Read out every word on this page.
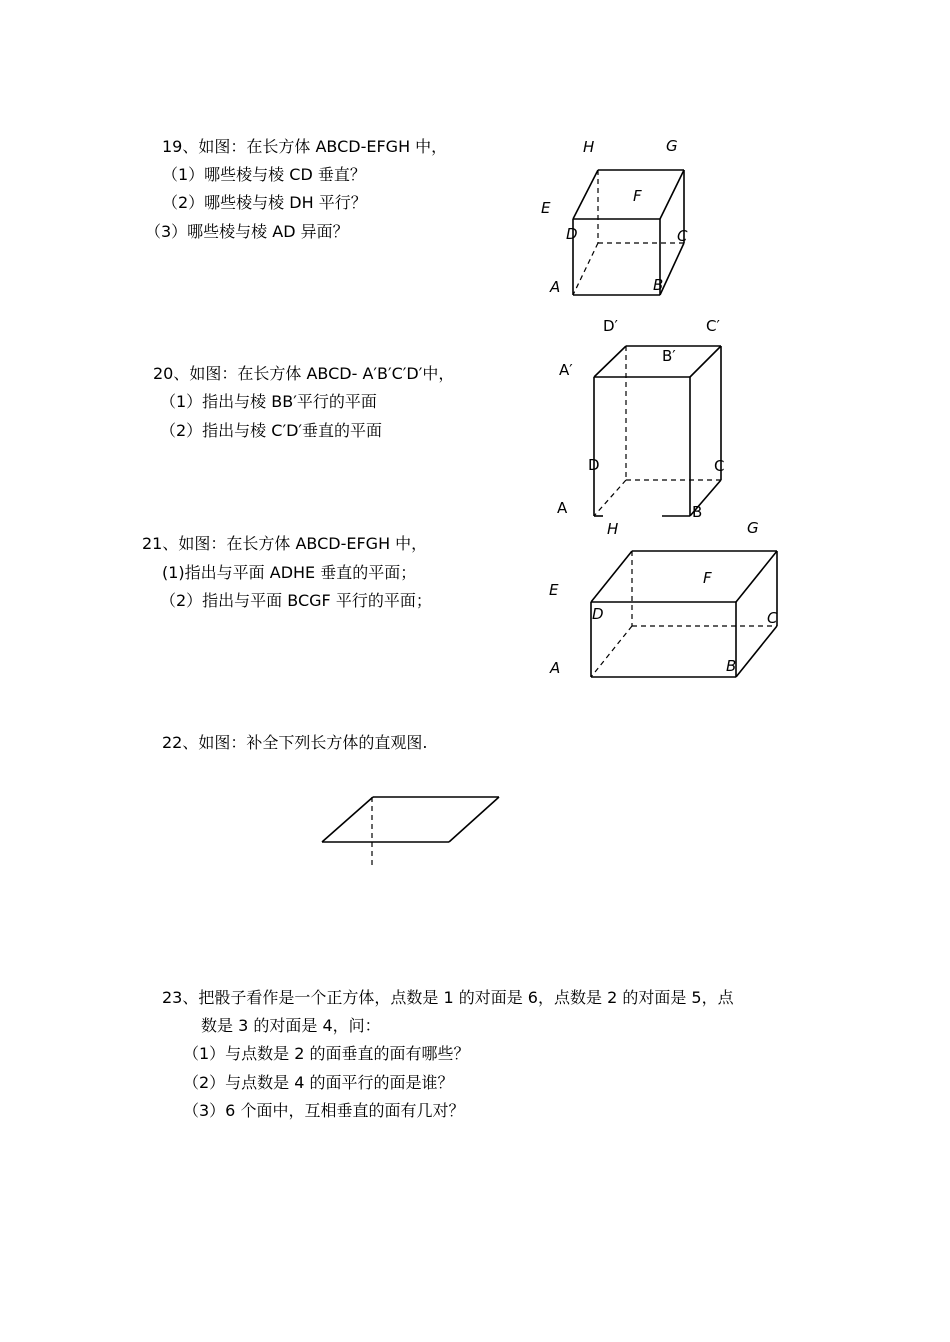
19、如图：在长方体 ABCD-EFGH 中，
（1）哪些棱与棱 CD 垂直？
（2）哪些棱与棱 DH 平行？
（3）哪些棱与棱 AD 异面？
H	G
F
E
D	C
A	B
20、如图：在长方体 ABCD- A′B′C′D′中，
（1）指出与棱 BB′平行的平面
（2）指出与棱 C′D′垂直的平面
D′	C′
B′
A′
D	C
A	B
21、如图：在长方体 ABCD-EFGH 中，
(1)指出与平面 ADHE 垂直的平面；
（2）指出与平面 BCGF 平行的平面；
H	G
F
E
D	C
A	B
22、如图：补全下列长方体的直观图.
23、把骰子看作是一个正方体，点数是 1 的对面是 6，点数是 2 的对面是 5，点
数是 3 的对面是 4，问：
（1）与点数是 2 的面垂直的面有哪些？
（2）与点数是 4 的面平行的面是谁？
（3）6 个面中，互相垂直的面有几对？
